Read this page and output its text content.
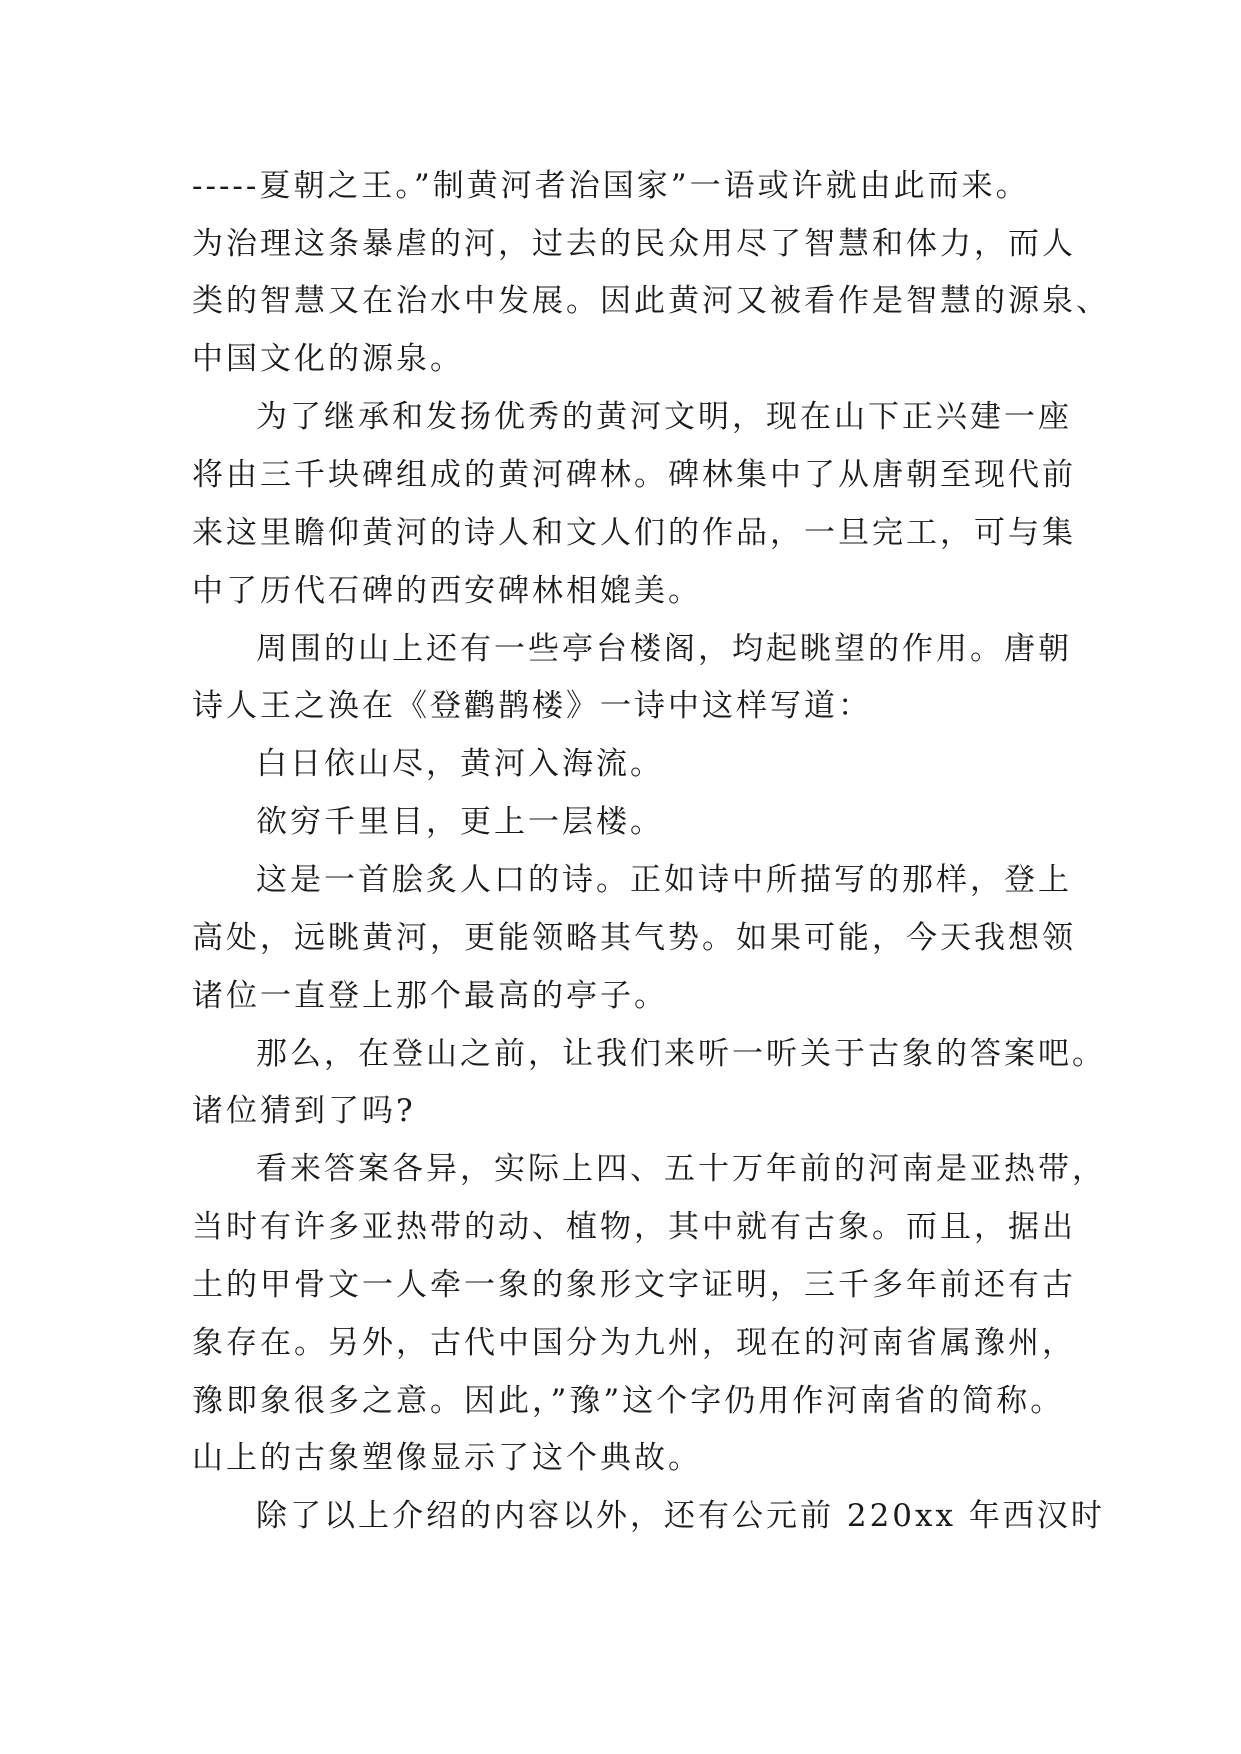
-----夏朝之王。”制黄河者治国家”一语或许就由此而来。
为治理这条暴虐的河，过去的民众用尽了智慧和体力，而人
类的智慧又在治水中发展。因此黄河又被看作是智慧的源泉、
中国文化的源泉。
为了继承和发扬优秀的黄河文明，现在山下正兴建一座
将由三千块碑组成的黄河碑林。碑林集中了从唐朝至现代前
来这里瞻仰黄河的诗人和文人们的作品，一旦完工，可与集
中了历代石碑的西安碑林相媲美。
周围的山上还有一些亭台楼阁，均起眺望的作用。唐朝
诗人王之涣在《登鹳鹊楼》一诗中这样写道：
白日依山尽，黄河入海流。
欲穷千里目，更上一层楼。
这是一首脍炙人口的诗。正如诗中所描写的那样，登上
高处，远眺黄河，更能领略其气势。如果可能，今天我想领
诸位一直登上那个最高的亭子。
那么，在登山之前，让我们来听一听关于古象的答案吧。
诸位猜到了吗?
看来答案各异，实际上四、五十万年前的河南是亚热带，
当时有许多亚热带的动、植物，其中就有古象。而且，据出
土的甲骨文一人牵一象的象形文字证明，三千多年前还有古
象存在。另外，古代中国分为九州，现在的河南省属豫州，
豫即象很多之意。因此，”豫”这个字仍用作河南省的简称。
山上的古象塑像显示了这个典故。
除了以上介绍的内容以外，还有公元前 220xx 年西汉时
